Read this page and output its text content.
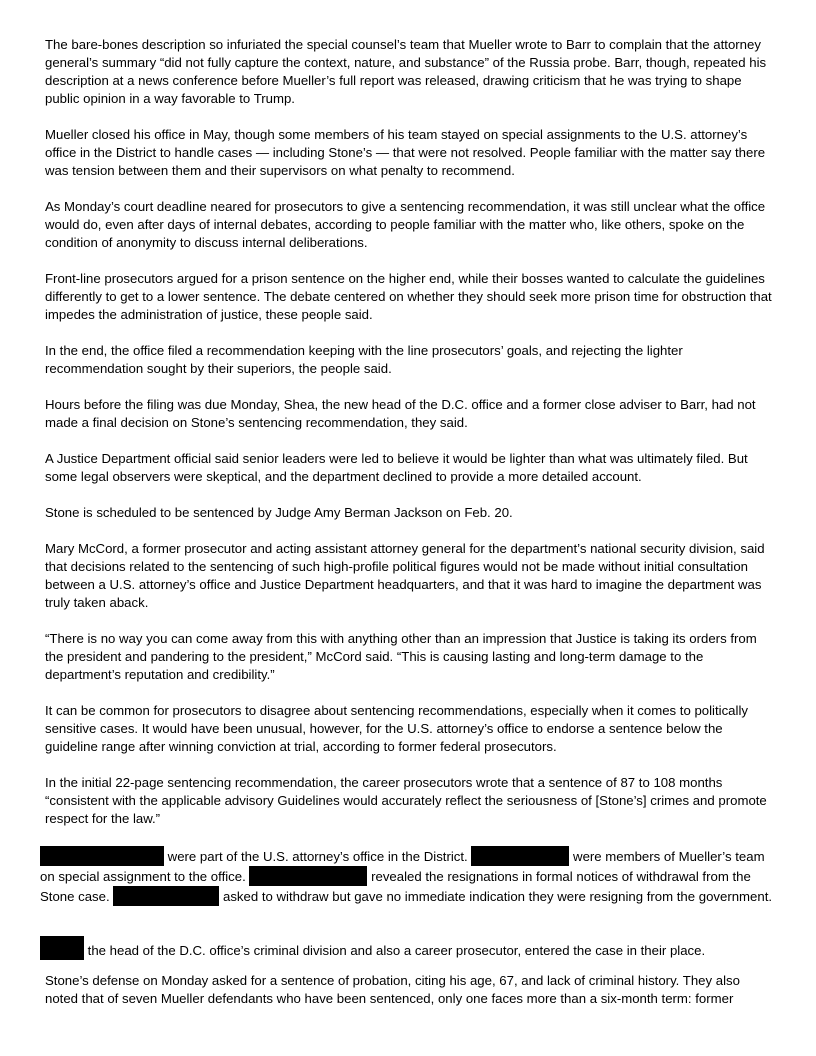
The bare-bones description so infuriated the special counsel’s team that Mueller wrote to Barr to complain that the attorney general’s summary “did not fully capture the context, nature, and substance” of the Russia probe. Barr, though, repeated his description at a news conference before Mueller’s full report was released, drawing criticism that he was trying to shape public opinion in a way favorable to Trump.

Mueller closed his office in May, though some members of his team stayed on special assignments to the U.S. attorney’s office in the District to handle cases — including Stone’s — that were not resolved. People familiar with the matter say there was tension between them and their supervisors on what penalty to recommend.

As Monday’s court deadline neared for prosecutors to give a sentencing recommendation, it was still unclear what the office would do, even after days of internal debates, according to people familiar with the matter who, like others, spoke on the condition of anonymity to discuss internal deliberations.

Front-line prosecutors argued for a prison sentence on the higher end, while their bosses wanted to calculate the guidelines differently to get to a lower sentence. The debate centered on whether they should seek more prison time for obstruction that impedes the administration of justice, these people said.

In the end, the office filed a recommendation keeping with the line prosecutors’ goals, and rejecting the lighter recommendation sought by their superiors, the people said.

Hours before the filing was due Monday, Shea, the new head of the D.C. office and a former close adviser to Barr, had not made a final decision on Stone’s sentencing recommendation, they said.

A Justice Department official said senior leaders were led to believe it would be lighter than what was ultimately filed. But some legal observers were skeptical, and the department declined to provide a more detailed account.

Stone is scheduled to be sentenced by Judge Amy Berman Jackson on Feb. 20.

Mary McCord, a former prosecutor and acting assistant attorney general for the department’s national security division, said that decisions related to the sentencing of such high-profile political figures would not be made without initial consultation between a U.S. attorney’s office and Justice Department headquarters, and that it was hard to imagine the department was truly taken aback.

“There is no way you can come away from this with anything other than an impression that Justice is taking its orders from the president and pandering to the president,” McCord said. “This is causing lasting and long-term damage to the department’s reputation and credibility.”

It can be common for prosecutors to disagree about sentencing recommendations, especially when it comes to politically sensitive cases. It would have been unusual, however, for the U.S. attorney’s office to endorse a sentence below the guideline range after winning conviction at trial, according to former federal prosecutors.

In the initial 22-page sentencing recommendation, the career prosecutors wrote that a sentence of 87 to 108 months “consistent with the applicable advisory Guidelines would accurately reflect the seriousness of [Stone’s] crimes and promote respect for the law.”

were part of the U.S. attorney’s office in the District.	were members of Mueller’s team on special assignment to the office.	revealed the resignations in formal notices of withdrawal from the Stone case.	asked to withdraw but gave no immediate indication they were resigning from the government.

the head of the D.C. office’s criminal division and also a career prosecutor, entered the case in their place.

Stone’s defense on Monday asked for a sentence of probation, citing his age, 67, and lack of criminal history. They also noted that of seven Mueller defendants who have been sentenced, only one faces more than a six-month term: former
